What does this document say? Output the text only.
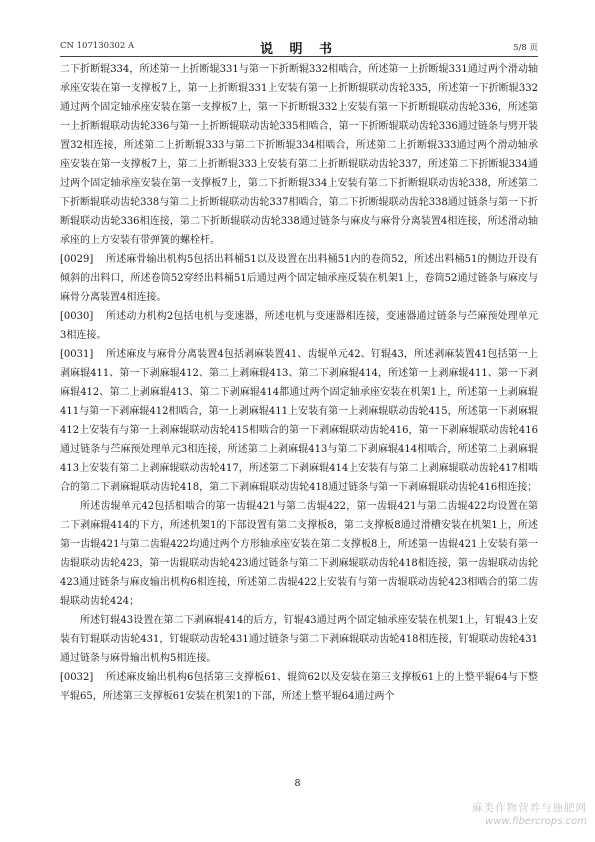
CN 107130302 A	说 明 书	5/8 页

二下折断辊334，所述第一上折断辊331与第一下折断辊332相啮合，所述第一上折断辊331通过两个滑动轴承座安装在第一支撑板7上，第一上折断辊331上安装有第一上折断辊联动齿轮335，所述第一下折断辊332通过两个固定轴承座安装在第一支撑板7上，第一下折断辊332上安装有第一下折断辊联动齿轮336，所述第一上折断辊联动齿轮336与第一上折断辊联动齿轮335相啮合，第一下折断辊联动齿轮336通过链条与劈开装置32相连接，所述第二上折断辊333与第二下折断辊334相啮合，所述第二上折断辊333通过两个滑动轴承座安装在第一支撑板7上，第二上折断辊333上安装有第二上折断辊联动齿轮337，所述第二下折断辊334通过两个固定轴承座安装在第一支撑板7上，第二下折断辊334上安装有第二下折断辊联动齿轮338，所述第二下折断辊联动齿轮338与第二上折断辊联动齿轮337相啮合，第二下折断辊联动齿轮338通过链条与第一下折断辊联动齿轮336相连接，第二下折断辊联动齿轮338通过链条与麻皮与麻骨分离装置4相连接，所述滑动轴承座的上方安装有带弹簧的螺栓杆。

[0029] 所述麻骨输出机构5包括出料桶51以及设置在出料桶51内的卷筒52，所述出料桶51的侧边开设有倾斜的出料口，所述卷筒52穿经出料桶51后通过两个固定轴承座反装在机架1上，卷筒52通过链条与麻皮与麻骨分离装置4相连接。

[0030] 所述动力机构2包括电机与变速器，所述电机与变速器相连接，变速器通过链条与苎麻预处理单元3相连接。

[0031] 所述麻皮与麻骨分离装置4包括剥麻装置41、齿辊单元42、钉辊43，所述剥麻装置41包括第一上剥麻辊411、第一下剥麻辊412、第二上剥麻辊413、第二下剥麻辊414，所述第一上剥麻辊411、第一下剥麻辊412、第二上剥麻辊413、第二下剥麻辊414都通过两个固定轴承座安装在机架1上，所述第一上剥麻辊411与第一下剥麻辊412相啮合，第一上剥麻辊411上安装有第一上剥麻辊联动齿轮415，所述第一下剥麻辊412上安装有与第一上剥麻辊联动齿轮415相啮合的第一下剥麻辊联动齿轮416，第一下剥麻辊联动齿轮416通过链条与苎麻预处理单元3相连接，所述第二上剥麻辊413与第二下剥麻辊414相啮合，所述第二上剥麻辊413上安装有第二上剥麻辊联动齿轮417，所述第二下剥麻辊414上安装有与第二上剥麻辊联动齿轮417相啮合的第二下剥麻辊联动齿轮418，第二下剥麻辊联动齿轮418通过链条与第一下剥麻辊联动齿轮416相连接；

所述齿辊单元42包括相啮合的第一齿辊421与第二齿辊422，第一齿辊421与第二齿辊422均设置在第二下剥麻辊414的下方，所述机架1的下部设置有第二支撑板8，第二支撑板8通过滑槽安装在机架1上，所述第一齿辊421与第二齿辊422均通过两个方形轴承座安装在第二支撑板8上，所述第一齿辊421上安装有第一齿辊联动齿轮423，第一齿辊联动齿轮423通过链条与第二下剥麻辊联动齿轮418相连接，第一齿辊联动齿轮423通过链条与麻皮输出机构6相连接，所述第二齿辊422上安装有与第一齿辊联动齿轮423相啮合的第二齿辊联动齿轮424；

所述钉辊43设置在第二下剥麻辊414的后方，钉辊43通过两个固定轴承座安装在机架1上，钉辊43上安装有钉辊联动齿轮431，钉辊联动齿轮431通过链条与第二下剥麻辊联动齿轮418相连接，钉辊联动齿轮431通过链条与麻骨输出机构5相连接。

[0032] 所述麻皮输出机构6包括第三支撑板61、辊筒62以及安装在第三支撑板61上的上整平辊64与下整平辊65，所述第三支撑板61安装在机架1的下部，所述上整平辊64通过两个

8
麻类作物营养与施肥网
www.fibercrops.com
